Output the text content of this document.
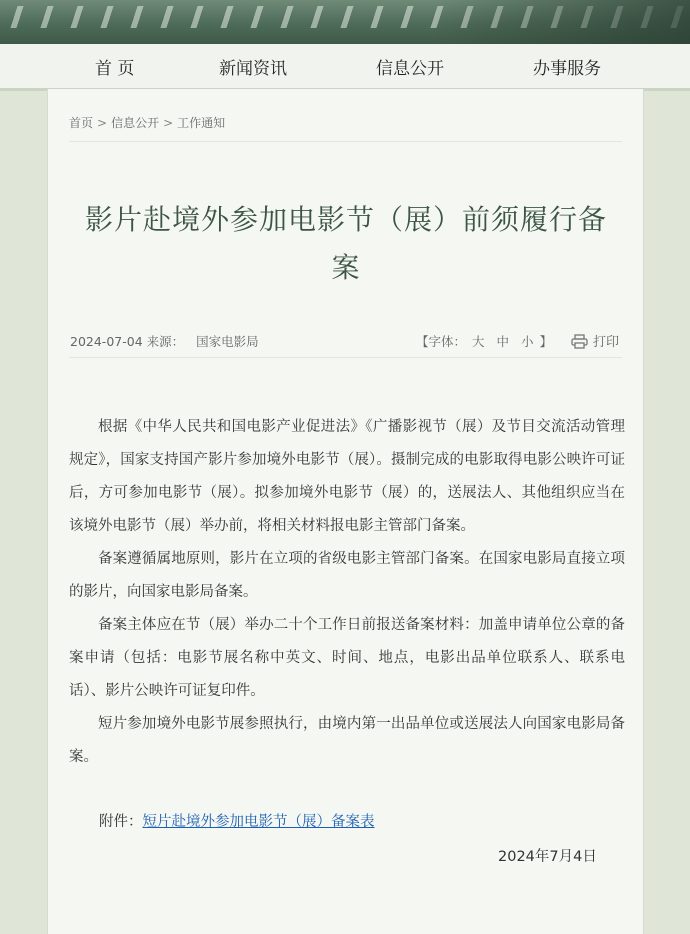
首 页	新闻资讯	信息公开	办事服务
首页 > 信息公开 > 工作通知
影片赴境外参加电影节（展）前须履行备
案
2024-07-04 来源： 国家电影局	【字体： 大 中 小 】	打印

根据《中华人民共和国电影产业促进法》《广播影视节（展）及节目交流活动管理规定》，国家支持国产影片参加境外电影节（展）。摄制完成的电影取得电影公映许可证后，方可参加电影节（展）。拟参加境外电影节（展）的，送展法人、其他组织应当在该境外电影节（展）举办前，将相关材料报电影主管部门备案。

备案遵循属地原则，影片在立项的省级电影主管部门备案。在国家电影局直接立项的影片，向国家电影局备案。

备案主体应在节（展）举办二十个工作日前报送备案材料：加盖申请单位公章的备案申请（包括：电影节展名称中英文、时间、地点，电影出品单位联系人、联系电话）、影片公映许可证复印件。

短片参加境外电影节展参照执行，由境内第一出品单位或送展法人向国家电影局备案。

附件：短片赴境外参加电影节（展）备案表
2024年7月4日
